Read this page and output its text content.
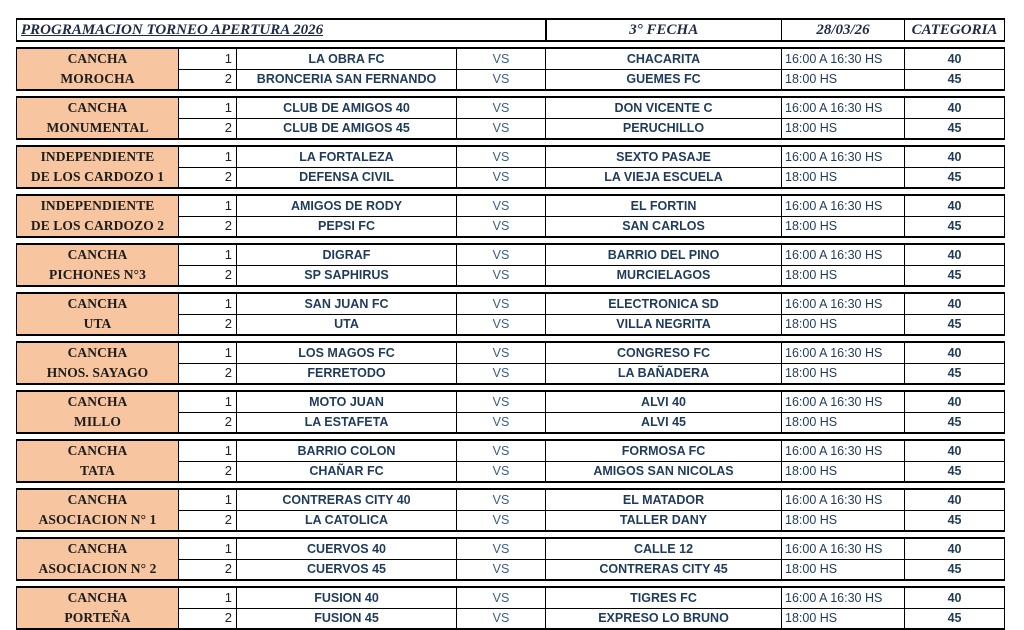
PROGRAMACION TORNEO APERTURA 2026				3° FECHA	28/03/26	CATEGORIA

CANCHA
MOROCHA	1	LA OBRA FC	VS	CHACARITA	16:00 A 16:30 HS	40
	2	BRONCERIA SAN FERNANDO	VS	GUEMES FC	18:00 HS	45

CANCHA
MONUMENTAL	1	CLUB DE AMIGOS 40	VS	DON VICENTE C	16:00 A 16:30 HS	40
	2	CLUB DE AMIGOS 45	VS	PERUCHILLO	18:00 HS	45

INDEPENDIENTE
DE LOS CARDOZO 1	1	LA FORTALEZA	VS	SEXTO PASAJE	16:00 A 16:30 HS	40
	2	DEFENSA CIVIL	VS	LA VIEJA ESCUELA	18:00 HS	45

INDEPENDIENTE
DE LOS CARDOZO 2	1	AMIGOS DE RODY	VS	EL FORTIN	16:00 A 16:30 HS	40
	2	PEPSI FC	VS	SAN CARLOS	18:00 HS	45

CANCHA
PICHONES N°3	1	DIGRAF	VS	BARRIO DEL PINO	16:00 A 16:30 HS	40
	2	SP SAPHIRUS	VS	MURCIELAGOS	18:00 HS	45

CANCHA
UTA	1	SAN JUAN FC	VS	ELECTRONICA SD	16:00 A 16:30 HS	40
	2	UTA	VS	VILLA NEGRITA	18:00 HS	45

CANCHA
HNOS. SAYAGO	1	LOS MAGOS FC	VS	CONGRESO FC	16:00 A 16:30 HS	40
	2	FERRETODO	VS	LA BAÑADERA	18:00 HS	45

CANCHA
MILLO	1	MOTO JUAN	VS	ALVI 40	16:00 A 16:30 HS	40
	2	LA ESTAFETA	VS	ALVI 45	18:00 HS	45

CANCHA
TATA	1	BARRIO COLON	VS	FORMOSA FC	16:00 A 16:30 HS	40
	2	CHAÑAR FC	VS	AMIGOS SAN NICOLAS	18:00 HS	45

CANCHA
ASOCIACION N° 1	1	CONTRERAS CITY 40	VS	EL MATADOR	16:00 A 16:30 HS	40
	2	LA CATOLICA	VS	TALLER DANY	18:00 HS	45

CANCHA
ASOCIACION N° 2	1	CUERVOS 40	VS	CALLE 12	16:00 A 16:30 HS	40
	2	CUERVOS 45	VS	CONTRERAS CITY 45	18:00 HS	45

CANCHA
PORTEÑA	1	FUSION 40	VS	TIGRES FC	16:00 A 16:30 HS	40
	2	FUSION 45	VS	EXPRESO LO BRUNO	18:00 HS	45
